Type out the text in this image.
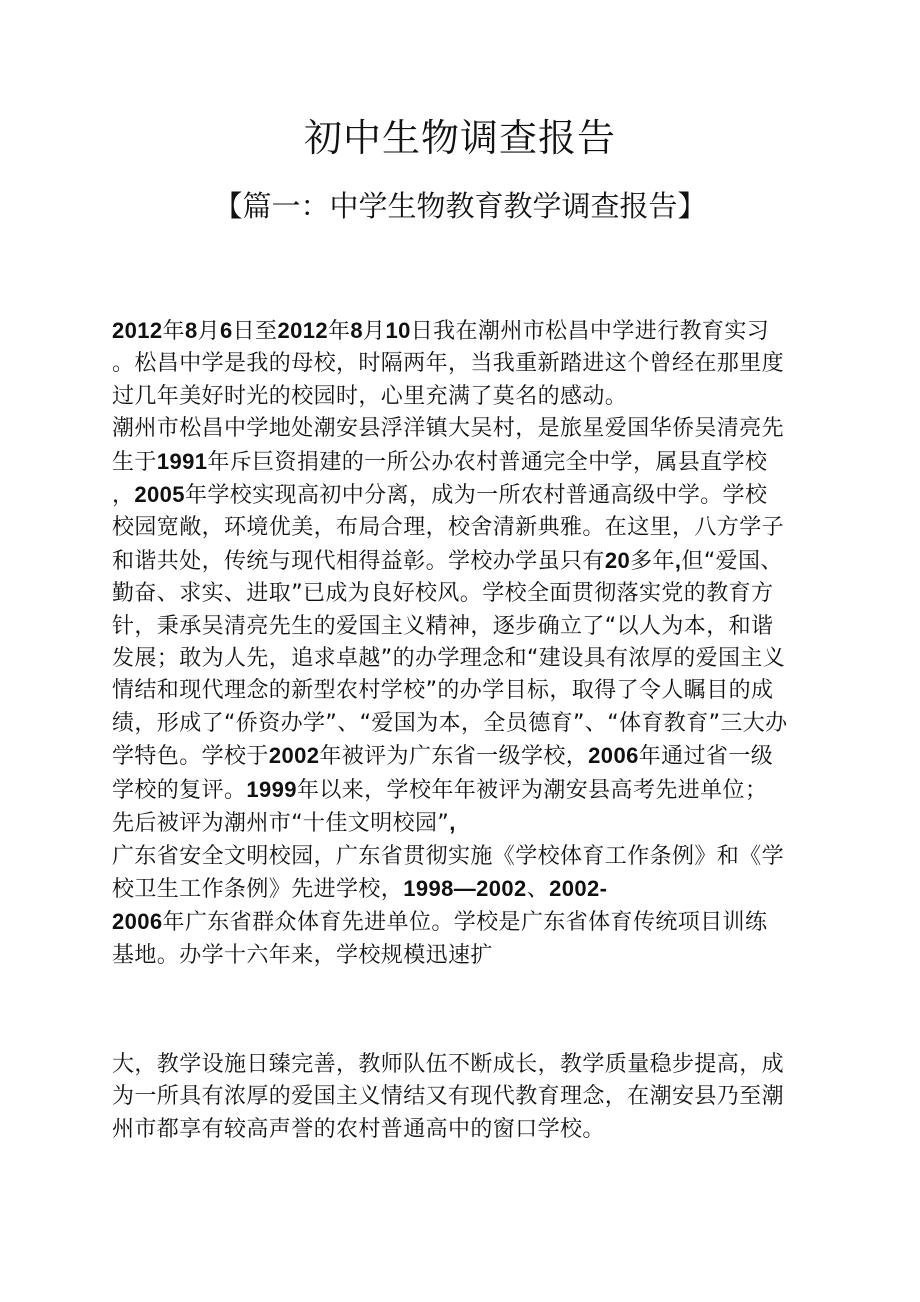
初中生物调查报告
【篇一：中学生物教育教学调查报告】
2012年8月6日至2012年8月10日我在潮州市松昌中学进行教育实习
。松昌中学是我的母校，时隔两年，当我重新踏进这个曾经在那里度
过几年美好时光的校园时，心里充满了莫名的感动。
潮州市松昌中学地处潮安县浮洋镇大吴村，是旅星爱国华侨吴清亮先
生于1991年斥巨资捐建的一所公办农村普通完全中学，属县直学校
，2005年学校实现高初中分离，成为一所农村普通高级中学。学校
校园宽敞，环境优美，布局合理，校舍清新典雅。在这里，八方学子
和谐共处，传统与现代相得益彰。学校办学虽只有20多年,但“爱国、
勤奋、求实、进取”已成为良好校风。学校全面贯彻落实党的教育方
针，秉承吴清亮先生的爱国主义精神，逐步确立了“以人为本，和谐
发展；敢为人先，追求卓越”的办学理念和“建设具有浓厚的爱国主义
情结和现代理念的新型农村学校”的办学目标，取得了令人瞩目的成
绩，形成了“侨资办学”、“爱国为本，全员德育”、“体育教育”三大办
学特色。学校于2002年被评为广东省一级学校，2006年通过省一级
学校的复评。1999年以来，学校年年被评为潮安县高考先进单位；
先后被评为潮州市“十佳文明校园”,
广东省安全文明校园，广东省贯彻实施《学校体育工作条例》和《学
校卫生工作条例》先进学校，1998—2002、2002-
2006年广东省群众体育先进单位。学校是广东省体育传统项目训练
基地。办学十六年来，学校规模迅速扩
大，教学设施日臻完善，教师队伍不断成长，教学质量稳步提高，成
为一所具有浓厚的爱国主义情结又有现代教育理念，在潮安县乃至潮
州市都享有较高声誉的农村普通高中的窗口学校。
